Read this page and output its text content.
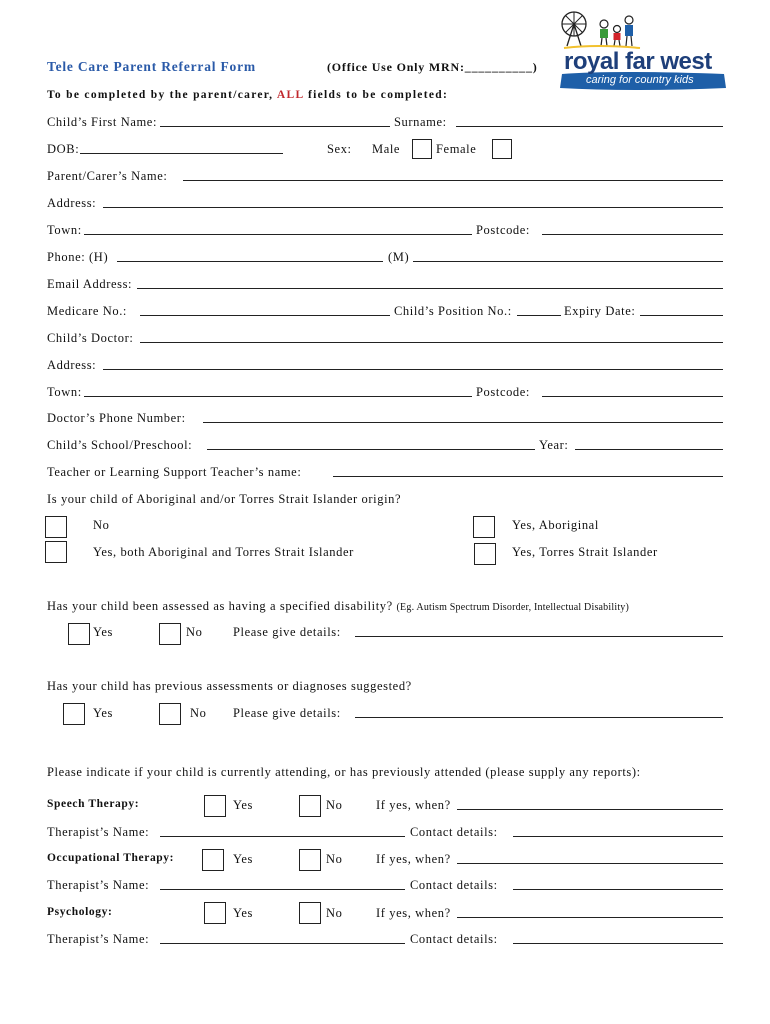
Tele Care Parent Referral Form	(Office Use Only MRN:__________)
To be completed by the parent/carer, ALL fields to be completed:
royal far west
caring for country kids
Child’s First Name:	Surname:
DOB:	Sex: Male	Female
Parent/Carer’s Name:
Address:
Town:	Postcode:
Phone: (H)	(M)
Email Address:
Medicare No.:	Child’s Position No.:	Expiry Date:
Child’s Doctor:
Address:
Town:	Postcode:
Doctor’s Phone Number:
Child’s School/Preschool:	Year:
Teacher or Learning Support Teacher’s name:
Is your child of Aboriginal and/or Torres Strait Islander origin?
No	Yes, Aboriginal
Yes, both Aboriginal and Torres Strait Islander	Yes, Torres Strait Islander
Has your child been assessed as having a specified disability? (Eg. Autism Spectrum Disorder, Intellectual Disability)
Yes	No Please give details:
Has your child has previous assessments or diagnoses suggested?
Yes	No Please give details:
Please indicate if your child is currently attending, or has previously attended (please supply any reports):
Speech Therapy:	Yes	No	If yes, when?
Therapist’s Name:	Contact details:
Occupational Therapy:	Yes	No	If yes, when?
Therapist’s Name:	Contact details:
Psychology:	Yes	No	If yes, when?
Therapist’s Name:	Contact details:
